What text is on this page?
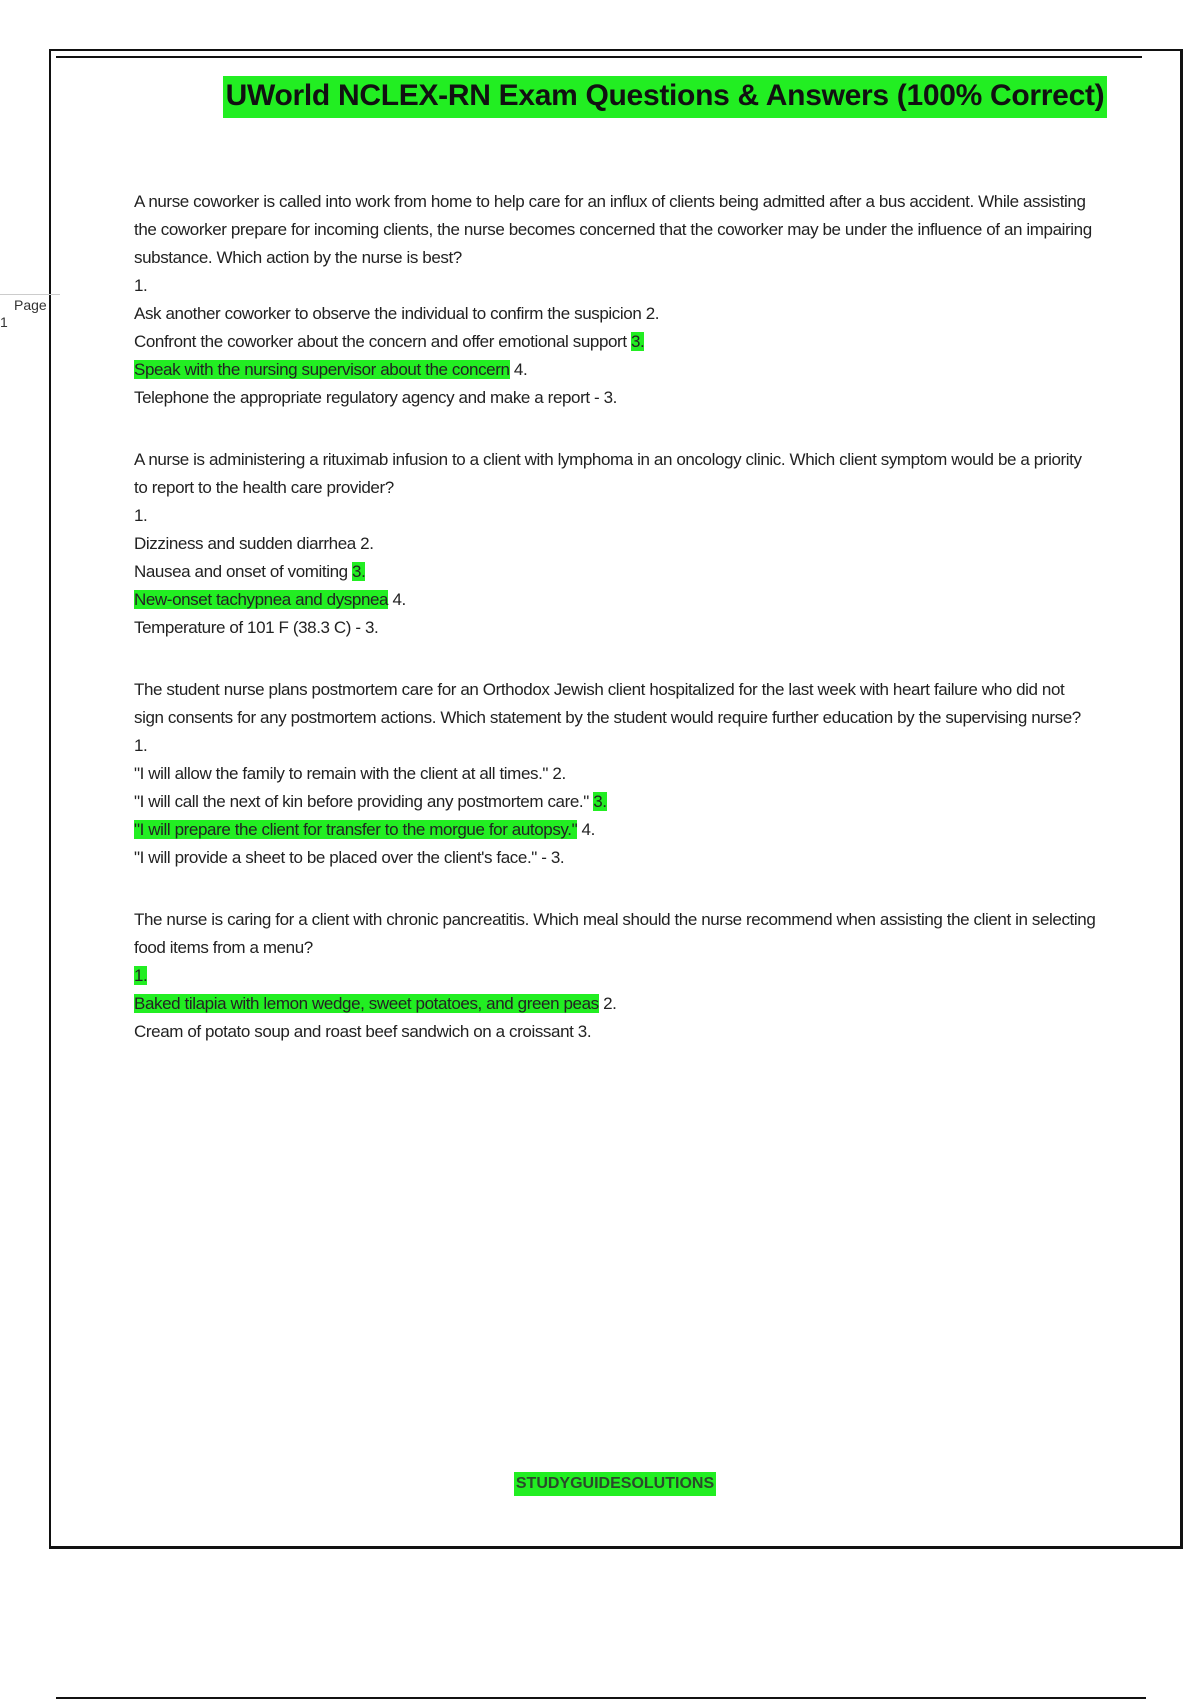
Page1
UWorld NCLEX-RN Exam Questions & Answers (100% Correct)

A nurse coworker is called into work from home to help care for an influx of clients being admitted after a bus accident. While assisting the coworker prepare for incoming clients, the nurse becomes concerned that the coworker may be under the influence of an impairing substance. Which action by the nurse is best?

1.

Ask another coworker to observe the individual to confirm the suspicion 2.

Confront the coworker about the concern and offer emotional support 3.

Speak with the nursing supervisor about the concern 4.

Telephone the appropriate regulatory agency and make a report - 3.

A nurse is administering a rituximab infusion to a client with lymphoma in an oncology clinic. Which client symptom would be a priority to report to the health care provider?

1.

Dizziness and sudden diarrhea 2.

Nausea and onset of vomiting 3.

New-onset tachypnea and dyspnea 4.

Temperature of 101 F (38.3 C) - 3.

The student nurse plans postmortem care for an Orthodox Jewish client hospitalized for the last week with heart failure who did not sign consents for any postmortem actions. Which statement by the student would require further education by the supervising nurse?

1.

"I will allow the family to remain with the client at all times." 2.

"I will call the next of kin before providing any postmortem care." 3.

"I will prepare the client for transfer to the morgue for autopsy." 4.

"I will provide a sheet to be placed over the client's face." - 3.

The nurse is caring for a client with chronic pancreatitis. Which meal should the nurse recommend when assisting the client in selecting food items from a menu?

1.

Baked tilapia with lemon wedge, sweet potatoes, and green peas 2.

Cream of potato soup and roast beef sandwich on a croissant 3.

STUDYGUIDESOLUTIONS
